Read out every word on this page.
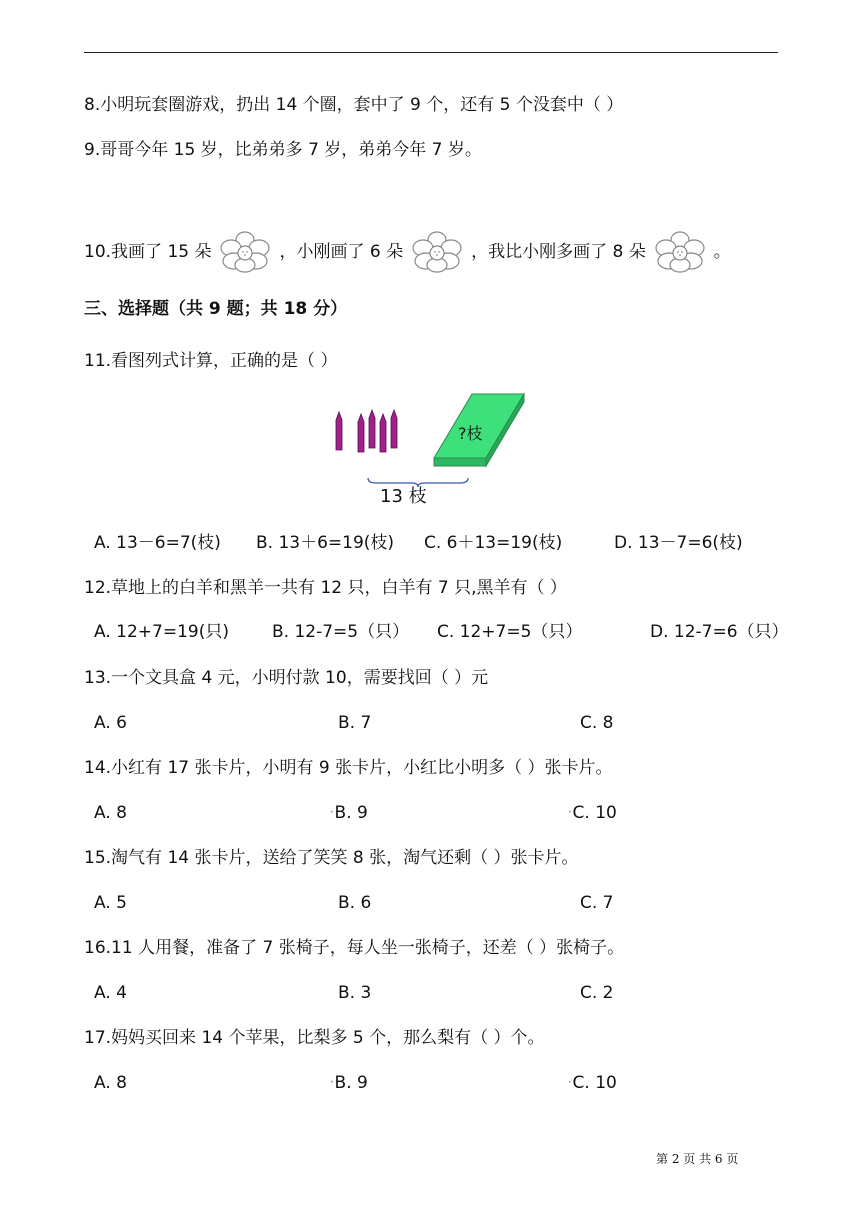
8.小明玩套圈游戏，扔出 14 个圈，套中了 9 个，还有 5 个没套中（ ）
9.哥哥今年 15 岁，比弟弟多 7 岁，弟弟今年 7 岁。
10.我画了 15 朵	，小刚画了 6 朵	，我比小刚多画了 8 朵	。
三、选择题（共 9 题；共 18 分）
11.看图列式计算，正确的是（ ）
?枝
13 枝
A. 13－6=7(枝) B. 13＋6=19(枝) C. 6＋13=19(枝)	D. 13－7=6(枝)
12.草地上的白羊和黑羊一共有 12 只，白羊有 7 只,黑羊有（ ）
A. 12+7=19(只)	B. 12-7=5（只） C. 12+7=5（只）	D. 12-7=6（只）
13.一个文具盒 4 元，小明付款 10，需要找回（ ）元
A. 6	B. 7	C. 8
14.小红有 17 张卡片，小明有 9 张卡片，小红比小明多（ ）张卡片。
A. 8	•B. 9	•C. 10
15.淘气有 14 张卡片，送给了笑笑 8 张，淘气还剩（ ）张卡片。
A. 5	B. 6	C. 7
16.11 人用餐，准备了 7 张椅子，每人坐一张椅子，还差（ ）张椅子。
A. 4	B. 3	C. 2
17.妈妈买回来 14 个苹果，比梨多 5 个，那么梨有（ ）个。
A. 8	•B. 9	•C. 10
第 2 页 共 6 页
